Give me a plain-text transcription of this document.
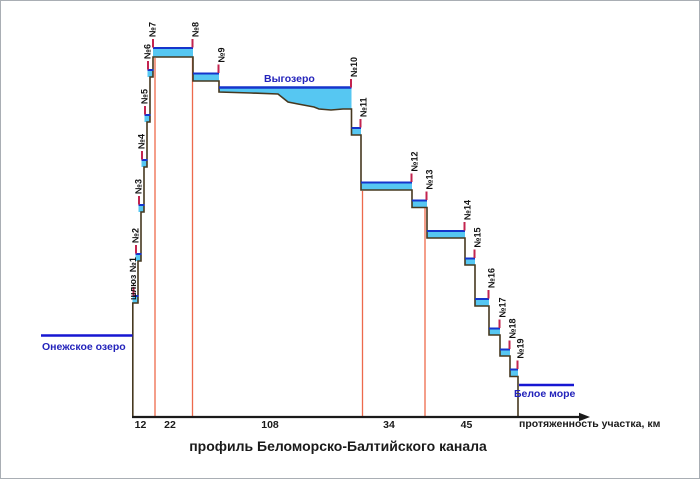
шлюз №1
№2
№3
№4
№5
№6
№7	№8
№9
№10
№11
№12
№13
№14
№15
№16
№17
№18
№19
Онежское озеро
Выгозеро
Белое море
протяженность участка, км
профиль Беломорско-Балтийского канала
12 22	108	34	45
